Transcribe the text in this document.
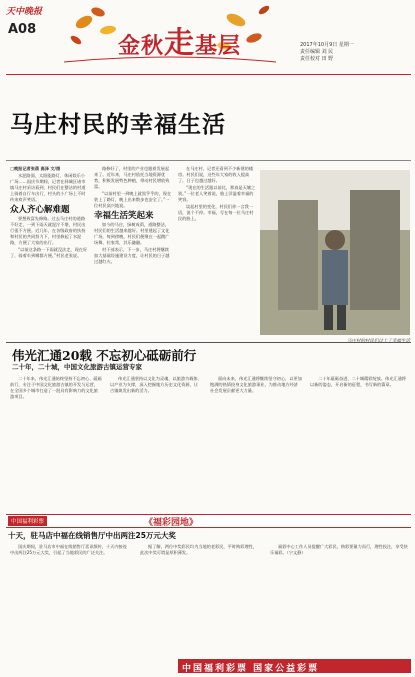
天中晚报
A08
金秋走基层	2017年10月9日 星期一
责任编辑 刘 民
责任校对 田 野
马庄村民的幸福生活

□晚报记者张蓓 高泽 文/图

水泥路面、太阳能路灯、休闲娱乐小广场……国庆节期间，记者在驿城区诸市镇马庄村采访看到，村民们在整洁的村道上骑着自行车出行，村头的小广场上不时传来欢声笑语。

众人齐心解难题

要想致富先修路。过去马庄村的道路不好走，一到下雨天就泥泞不堪，村民出行很不方便。近几年，在各级政府的扶持和村民的共同努力下，村里修起了水泥路，方便了大家的出行。

“以前这条路一下雨就没法走，现在好了，骑着车到哪都方便。”村民老张说。

路修好了，村里的产业也跟着发展起来了。近年来，马庄村依托当地资源优势，积极发展特色种植，带动村民增收致富。

“以前村里一到晚上就黑乎乎的，现在装上了路灯，晚上出来散步也安全了。”一位村民高兴地说。

幸福生活笑起来

如今的马庄，绿树成荫，道路整洁，村民们的生活越来越好。村里建起了文化广场，每到傍晚，村民们便聚在一起跳广场舞、拉家常，其乐融融。

村干部表示，下一步，马庄村将继续加大基础设施建设力度，让村民的日子越过越红火。

在马庄村，记者还看到不少新建的楼房。村民们说，这些年大家的收入提高了，日子也越过越好。

“现在的生活跟以前比，那真是天壤之别。”一位老人笑着说，脸上洋溢着幸福的笑容。

谈起村里的变化，村民们你一言我一语，说个不停。幸福，写在每一位马庄村民的脸上。

伟光汇通20载 不忘初心砥砺前行
二十年，二十城，中国文化旅游古镇运营专家

二十年来，伟光汇通始终坚持不忘初心、砥砺前行，专注于中国文化旅游古镇的开发与运营，在全国多个城市打造了一批具有影响力的文化旅游项目。

伟光汇通坚持以文化为灵魂、以旅游为载体、以产业为支撑，深入挖掘地方历史文化资源，让古镇焕发出新的活力。

面向未来，伟光汇通将继续坚守初心，以更加饱满的热情投身文化旅游事业，为推动地方经济社会发展贡献更大力量。

二十年砥砺奋进，二十城精彩绽放。伟光汇通将以新的姿态，开启新的征程，书写新的篇章。

中国福利彩票	《福彩园地》
十天，驻马店中福在线销售厅中出两注25万元大奖

国庆期间，驻马店市中福在线销售厅喜讯频传，十天内接连中出两注25万元大奖，引起了当地彩民的广泛关注。

据了解，两位中奖彩民均为当地的老彩民，平时购彩理性，此次中奖可谓是厚积薄发。

福彩中心工作人员提醒广大彩民，购彩要量力而行，理性投注，享受快乐福彩。（宁文静）

中国福利彩票 国家公益彩票
